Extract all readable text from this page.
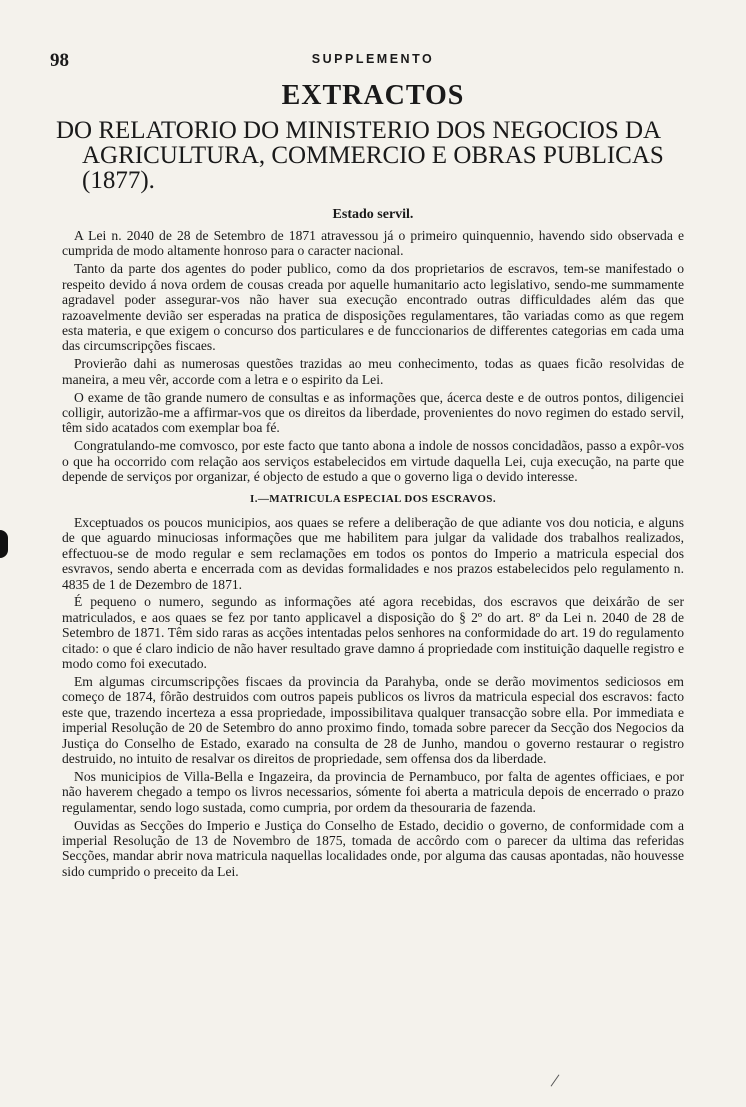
98	SUPPLEMENTO
EXTRACTOS
DO RELATORIO DO MINISTERIO DOS NEGOCIOS DA
AGRICULTURA, COMMERCIO E OBRAS PUBLICAS
(1877).
Estado servil.

A Lei n. 2040 de 28 de Setembro de 1871 atravessou já o primeiro quinquennio, havendo sido observada e cumprida de modo altamente honroso para o caracter nacional.

Tanto da parte dos agentes do poder publico, como da dos proprietarios de escravos, tem-se manifestado o respeito devido á nova ordem de cousas creada por aquelle humanitario acto legislativo, sendo-me summamente agradavel poder assegurar-vos não haver sua execução encontrado outras difficuldades além das que razoavelmente devião ser esperadas na pratica de disposições regulamentares, tão variadas como as que regem esta materia, e que exigem o concurso dos particulares e de funccionarios de differentes categorias em cada uma das circumscripções fiscaes.

Provierão dahi as numerosas questões trazidas ao meu conhecimento, todas as quaes ficão resolvidas de maneira, a meu vêr, accorde com a letra e o espirito da Lei.

O exame de tão grande numero de consultas e as informações que, ácerca deste e de outros pontos, diligenciei colligir, autorizão-me a affirmar-vos que os direitos da liberdade, provenientes do novo regimen do estado servil, têm sido acatados com exemplar boa fé.

Congratulando-me comvosco, por este facto que tanto abona a indole de nossos concidadãos, passo a expôr-vos o que ha occorrido com relação aos serviços estabelecidos em virtude daquella Lei, cuja execução, na parte que depende de serviços por organizar, é objecto de estudo a que o governo liga o devido interesse.

I.—MATRICULA ESPECIAL DOS ESCRAVOS.

Exceptuados os poucos municipios, aos quaes se refere a deliberação de que adiante vos dou noticia, e alguns de que aguardo minuciosas informações que me habilitem para julgar da validade dos trabalhos realizados, effectuou-se de modo regular e sem reclamações em todos os pontos do Imperio a matricula especial dos esvravos, sendo aberta e encerrada com as devidas formalidades e nos prazos estabelecidos pelo regulamento n. 4835 de 1 de Dezembro de 1871.

É pequeno o numero, segundo as informações até agora recebidas, dos escravos que deixárão de ser matriculados, e aos quaes se fez por tanto applicavel a disposição do § 2º do art. 8º da Lei n. 2040 de 28 de Setembro de 1871. Têm sido raras as acções intentadas pelos senhores na conformidade do art. 19 do regulamento citado: o que é claro indicio de não haver resultado grave damno á propriedade com instituição daquelle registro e modo como foi executado.

Em algumas circumscripções fiscaes da provincia da Parahyba, onde se derão movimentos sediciosos em começo de 1874, fôrão destruidos com outros papeis publicos os livros da matricula especial dos escravos: facto este que, trazendo incerteza a essa propriedade, impossibilitava qualquer transacção sobre ella. Por immediata e imperial Resolução de 20 de Setembro do anno proximo findo, tomada sobre parecer da Secção dos Negocios da Justiça do Conselho de Estado, exarado na consulta de 28 de Junho, mandou o governo restaurar o registro destruido, no intuito de resalvar os direitos de propriedade, sem offensa dos da liberdade.

Nos municipios de Villa-Bella e Ingazeira, da provincia de Pernambuco, por falta de agentes officiaes, e por não haverem chegado a tempo os livros necessarios, sómente foi aberta a matricula depois de encerrado o prazo regulamentar, sendo logo sustada, como cumpria, por ordem da thesouraria de fazenda.

Ouvidas as Secções do Imperio e Justiça do Conselho de Estado, decidio o governo, de conformidade com a imperial Resolução de 13 de Novembro de 1875, tomada de accôrdo com o parecer da ultima das referidas Secções, mandar abrir nova matricula naquellas localidades onde, por alguma das causas apontadas, não houvesse sido cumprido o preceito da Lei.
